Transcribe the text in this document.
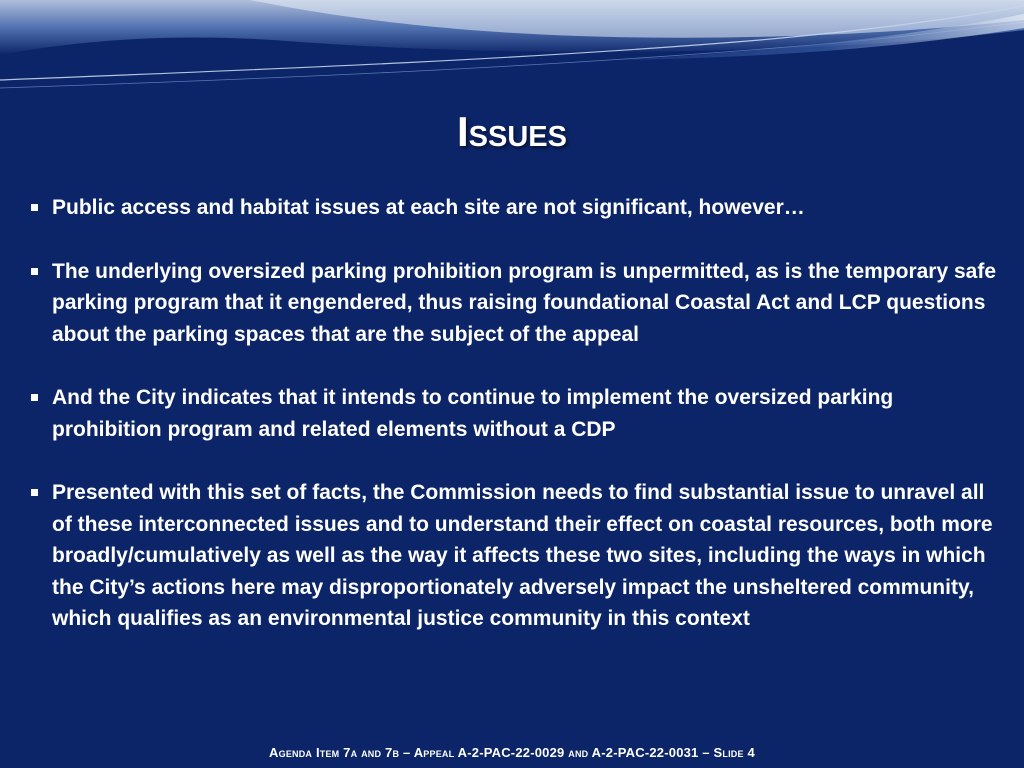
Issues
Public access and habitat issues at each site are not significant, however…
The underlying oversized parking prohibition program is unpermitted, as is the temporary safe parking program that it engendered, thus raising foundational Coastal Act and LCP questions about the parking spaces that are the subject of the appeal
And the City indicates that it intends to continue to implement the oversized parking prohibition program and related elements without a CDP
Presented with this set of facts, the Commission needs to find substantial issue to unravel all of these interconnected issues and to understand their effect on coastal resources, both more broadly/cumulatively as well as the way it affects these two sites, including the ways in which the City’s actions here may disproportionately adversely impact the unsheltered community, which qualifies as an environmental justice community in this context
Agenda Item 7a and 7b – Appeal A-2-PAC-22-0029 and A-2-PAC-22-0031 – Slide 4
